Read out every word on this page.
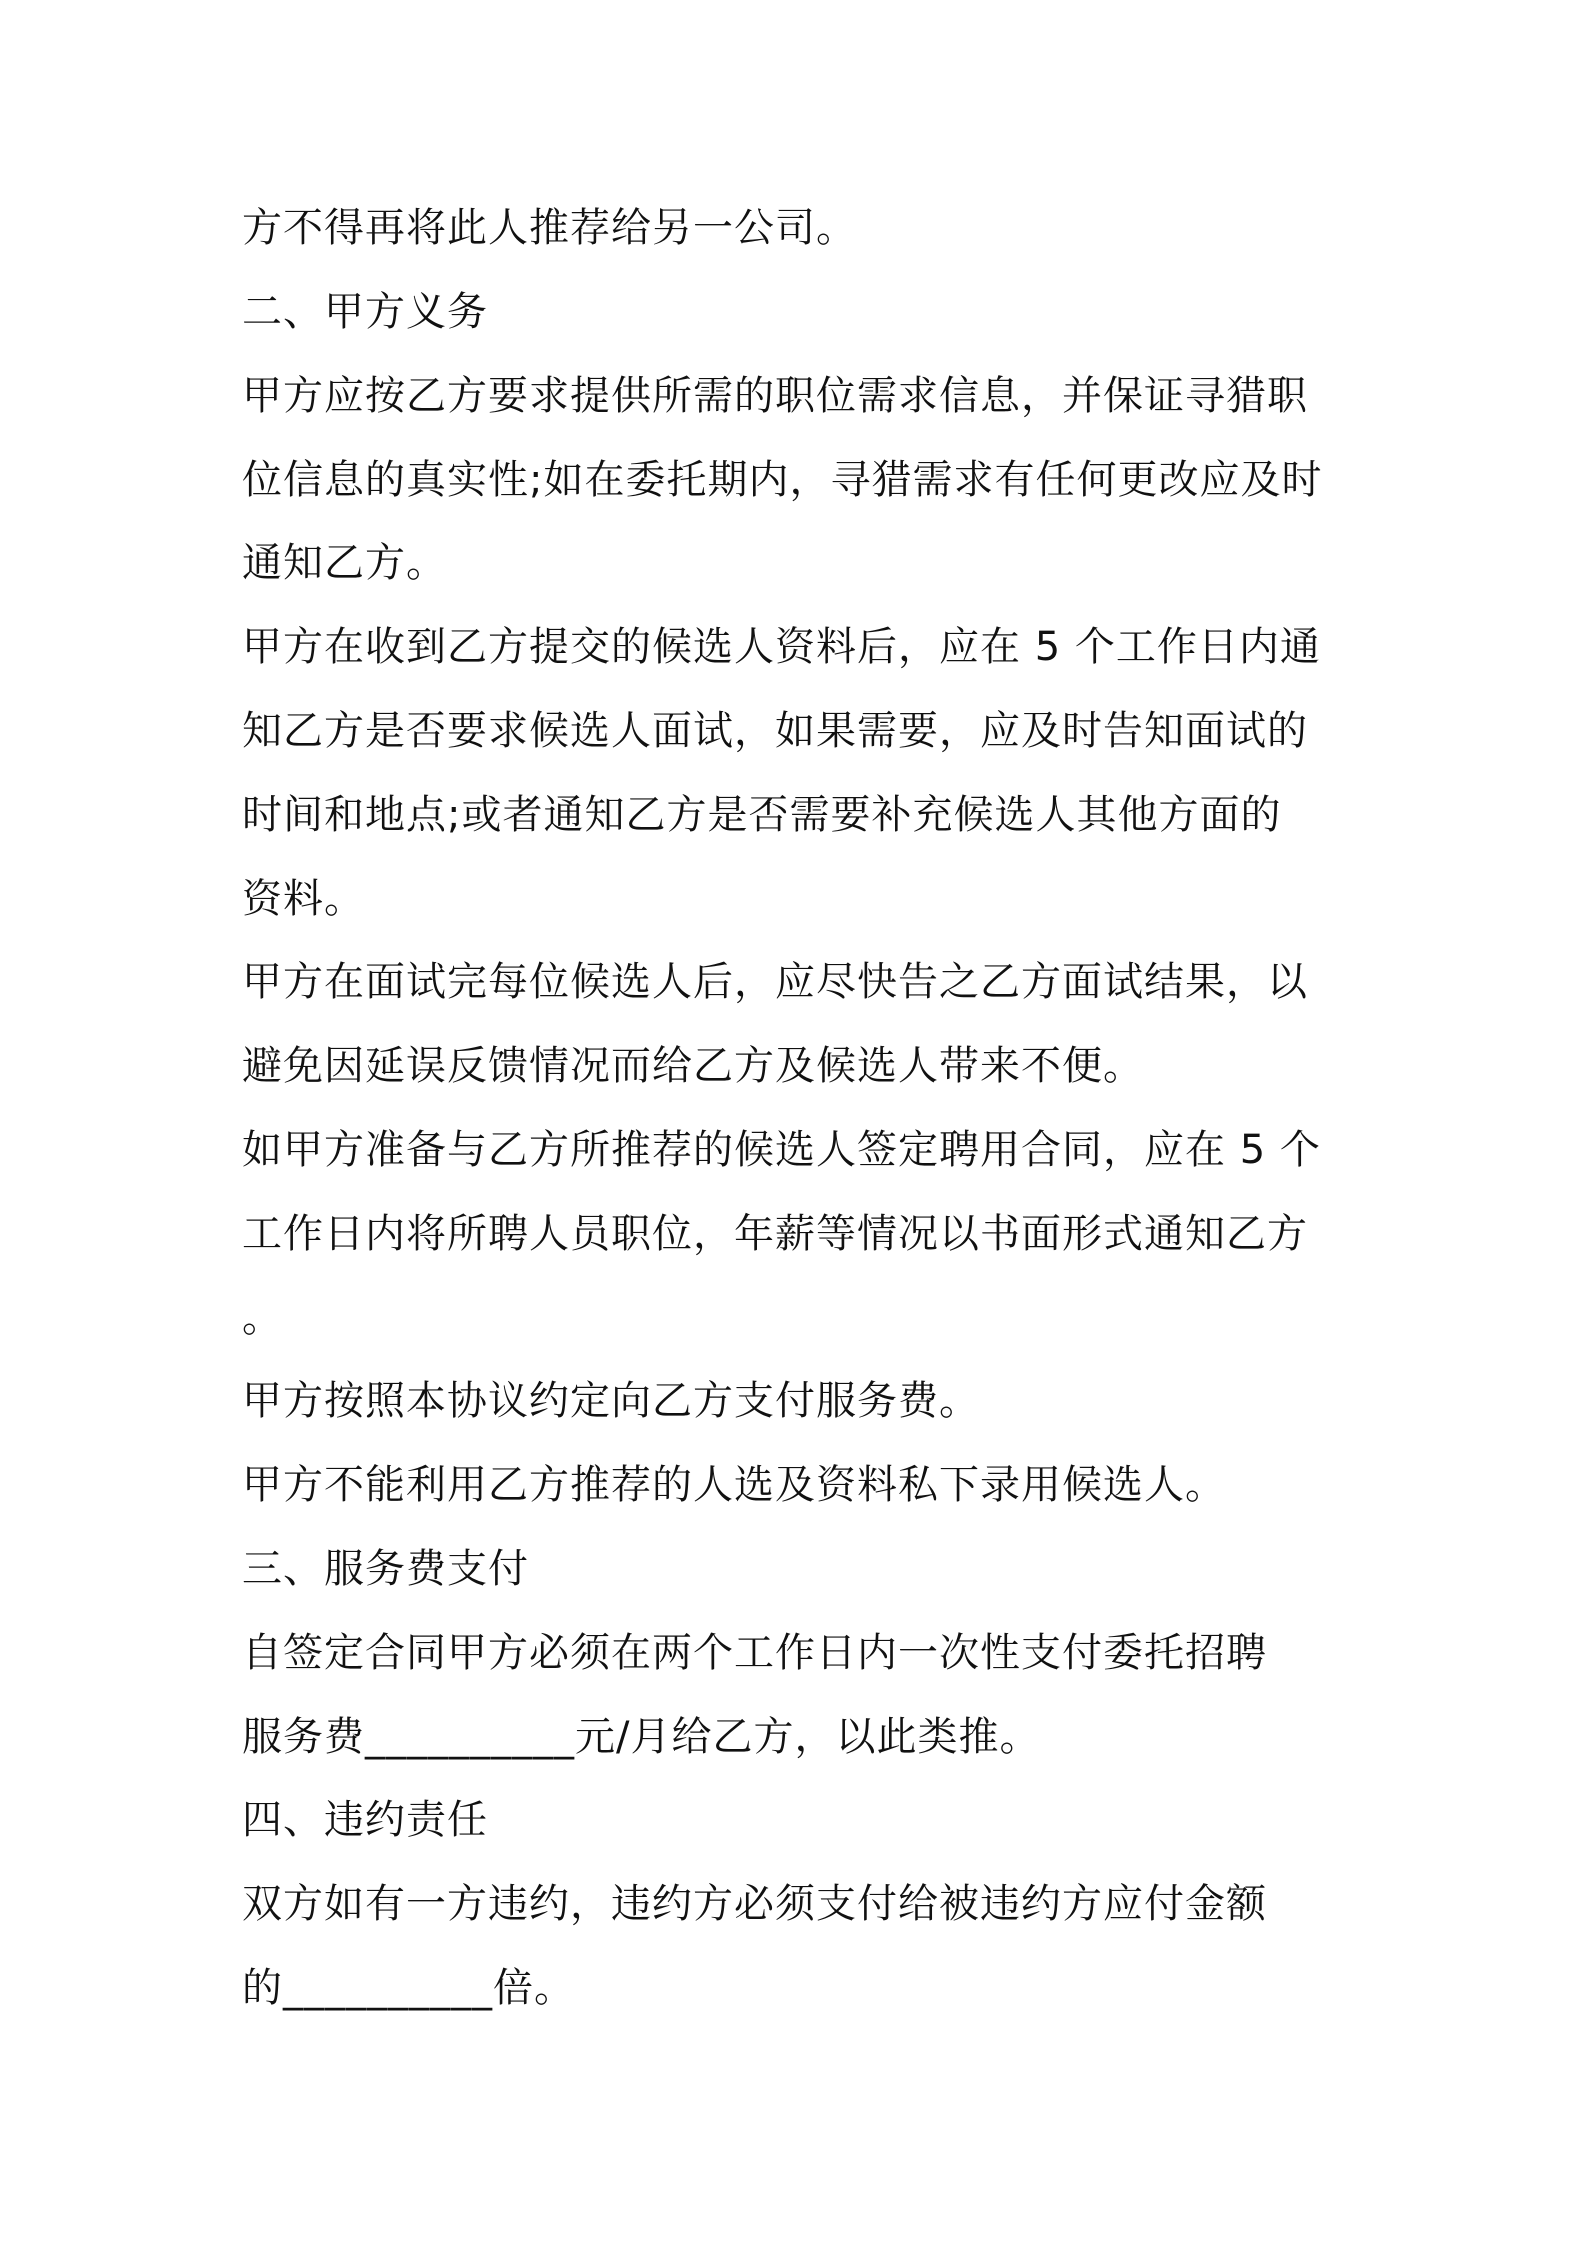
方不得再将此人推荐给另一公司。

二、甲方义务

甲方应按乙方要求提供所需的职位需求信息，并保证寻猎职

位信息的真实性;如在委托期内，寻猎需求有任何更改应及时

通知乙方。

甲方在收到乙方提交的候选人资料后，应在 5 个工作日内通

知乙方是否要求候选人面试，如果需要，应及时告知面试的

时间和地点;或者通知乙方是否需要补充候选人其他方面的

资料。

甲方在面试完每位候选人后，应尽快告之乙方面试结果，以

避免因延误反馈情况而给乙方及候选人带来不便。

如甲方准备与乙方所推荐的候选人签定聘用合同，应在 5 个

工作日内将所聘人员职位，年薪等情况以书面形式通知乙方

。

甲方按照本协议约定向乙方支付服务费。

甲方不能利用乙方推荐的人选及资料私下录用候选人。

三、服务费支付

自签定合同甲方必须在两个工作日内一次性支付委托招聘

服务费__________元/月给乙方，以此类推。

四、违约责任

双方如有一方违约，违约方必须支付给被违约方应付金额

的__________倍。
